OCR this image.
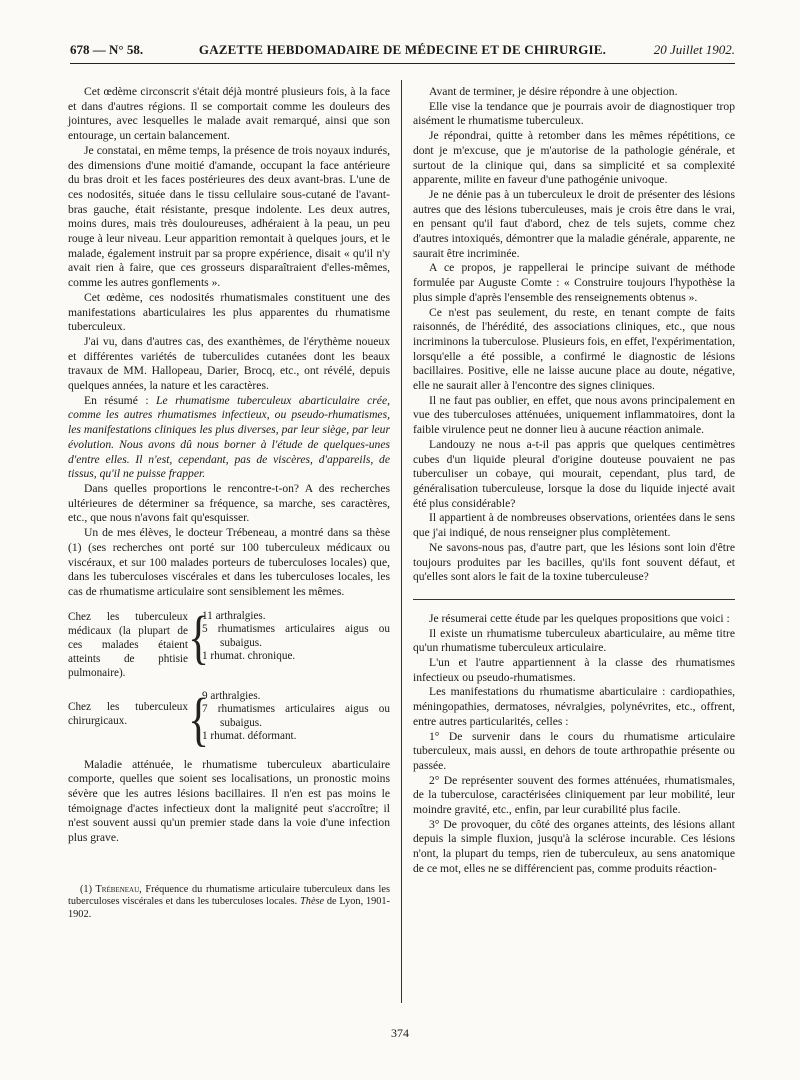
678 — N° 58.	GAZETTE HEBDOMADAIRE DE MÉDECINE ET DE CHIRURGIE.	20 Juillet 1902.

Cet œdème circonscrit s'était déjà montré plusieurs fois, à la face et dans d'autres régions. Il se comportait comme les douleurs des jointures, avec lesquelles le malade avait remarqué, ainsi que son entourage, un certain balancement.

Je constatai, en même temps, la présence de trois noyaux indurés, des dimensions d'une moitié d'amande, occupant la face antérieure du bras droit et les faces postérieures des deux avant-bras. L'une de ces nodosités, située dans le tissu cellulaire sous-cutané de l'avant-bras gauche, était résistante, presque indolente. Les deux autres, moins dures, mais très douloureuses, adhéraient à la peau, un peu rouge à leur niveau. Leur apparition remontait à quelques jours, et le malade, également instruit par sa propre expérience, disait « qu'il n'y avait rien à faire, que ces grosseurs disparaîtraient d'elles-mêmes, comme les autres gonflements ».

Cet œdème, ces nodosités rhumatismales constituent une des manifestations abarticulaires les plus apparentes du rhumatisme tuberculeux.

J'ai vu, dans d'autres cas, des exanthèmes, de l'érythème noueux et différentes variétés de tuberculides cutanées dont les beaux travaux de MM. Hallopeau, Darier, Brocq, etc., ont révélé, depuis quelques années, la nature et les caractères.

En résumé : Le rhumatisme tuberculeux abarticulaire crée, comme les autres rhumatismes infectieux, ou pseudo-rhumatismes, les manifestations cliniques les plus diverses, par leur siège, par leur évolution. Nous avons dû nous borner à l'étude de quelques-unes d'entre elles. Il n'est, cependant, pas de viscères, d'appareils, de tissus, qu'il ne puisse frapper.

Dans quelles proportions le rencontre-t-on? A des recherches ultérieures de déterminer sa fréquence, sa marche, ses caractères, etc., que nous n'avons fait qu'esquisser.

Un de mes élèves, le docteur Trébeneau, a montré dans sa thèse (1) (ses recherches ont porté sur 100 tuberculeux médicaux ou viscéraux, et sur 100 malades porteurs de tuberculoses locales) que, dans les tuberculoses viscérales et dans les tuberculoses locales, les cas de rhumatisme articulaire sont sensiblement les mêmes.

Chez les tuberculeux médicaux (la plupart de ces malades étaient atteints de phtisie pulmonaire).
{
11 arthralgies.
5 rhumatismes articulaires aigus ou subaigus.
1 rhumat. chronique.
Chez les tuberculeux chirurgicaux.	{
9 arthralgies.
7 rhumatismes articulaires aigus ou subaigus.
1 rhumat. déformant.

Maladie atténuée, le rhumatisme tuberculeux abarticulaire comporte, quelles que soient ses localisations, un pronostic moins sévère que les autres lésions bacillaires. Il n'en est pas moins le témoignage d'actes infectieux dont la malignité peut s'accroître; il n'est souvent aussi qu'un premier stade dans la voie d'une infection plus grave.

(1) Trébeneau, Fréquence du rhumatisme articulaire tuberculeux dans les tuberculoses viscérales et dans les tuberculoses locales. Thèse de Lyon, 1901-1902.

Avant de terminer, je désire répondre à une objection.

Elle vise la tendance que je pourrais avoir de diagnostiquer trop aisément le rhumatisme tuberculeux.

Je répondrai, quitte à retomber dans les mêmes répétitions, ce dont je m'excuse, que je m'autorise de la pathologie générale, et surtout de la clinique qui, dans sa simplicité et sa complexité apparente, milite en faveur d'une pathogénie univoque.

Je ne dénie pas à un tuberculeux le droit de présenter des lésions autres que des lésions tuberculeuses, mais je crois être dans le vrai, en pensant qu'il faut d'abord, chez de tels sujets, comme chez d'autres intoxiqués, démontrer que la maladie générale, apparente, ne saurait être incriminée.

A ce propos, je rappellerai le principe suivant de méthode formulée par Auguste Comte : « Construire toujours l'hypothèse la plus simple d'après l'ensemble des renseignements obtenus ».

Ce n'est pas seulement, du reste, en tenant compte de faits raisonnés, de l'hérédité, des associations cliniques, etc., que nous incriminons la tuberculose. Plusieurs fois, en effet, l'expérimentation, lorsqu'elle a été possible, a confirmé le diagnostic de lésions bacillaires. Positive, elle ne laisse aucune place au doute, négative, elle ne saurait aller à l'encontre des signes cliniques.

Il ne faut pas oublier, en effet, que nous avons principalement en vue des tuberculoses atténuées, uniquement inflammatoires, dont la faible virulence peut ne donner lieu à aucune réaction animale.

Landouzy ne nous a-t-il pas appris que quelques centimètres cubes d'un liquide pleural d'origine douteuse pouvaient ne pas tuberculiser un cobaye, qui mourait, cependant, plus tard, de généralisation tuberculeuse, lorsque la dose du liquide injecté avait été plus considérable?

Il appartient à de nombreuses observations, orientées dans le sens que j'ai indiqué, de nous renseigner plus complètement.

Ne savons-nous pas, d'autre part, que les lésions sont loin d'être toujours produites par les bacilles, qu'ils font souvent défaut, et qu'elles sont alors le fait de la toxine tuberculeuse?

Je résumerai cette étude par les quelques propositions que voici :

Il existe un rhumatisme tuberculeux abarticulaire, au même titre qu'un rhumatisme tuberculeux articulaire.

L'un et l'autre appartiennent à la classe des rhumatismes infectieux ou pseudo-rhumatismes.

Les manifestations du rhumatisme abarticulaire : cardiopathies, méningopathies, dermatoses, névralgies, polynévrites, etc., offrent, entre autres particularités, celles :

1° De survenir dans le cours du rhumatisme articulaire tuberculeux, mais aussi, en dehors de toute arthropathie présente ou passée.

2° De représenter souvent des formes atténuées, rhumatismales, de la tuberculose, caractérisées cliniquement par leur mobilité, leur moindre gravité, etc., enfin, par leur curabilité plus facile.

3° De provoquer, du côté des organes atteints, des lésions allant depuis la simple fluxion, jusqu'à la sclérose incurable. Ces lésions n'ont, la plupart du temps, rien de tuberculeux, au sens anatomique de ce mot, elles ne se différencient pas, comme produits réaction-

374
